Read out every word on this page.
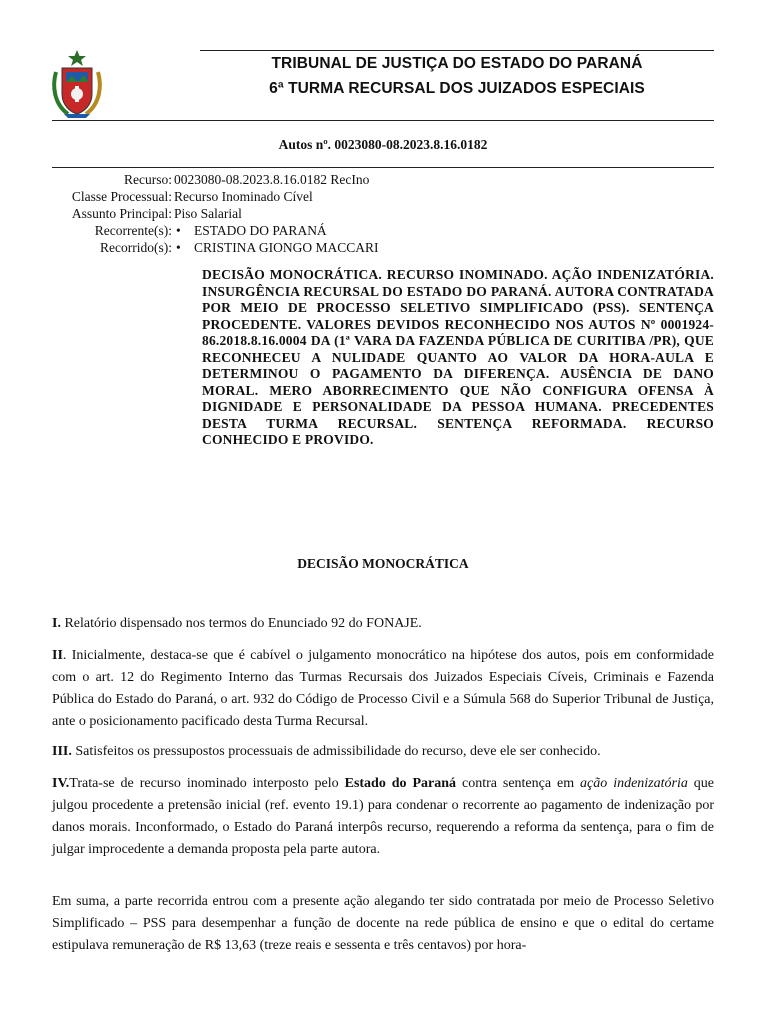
TRIBUNAL DE JUSTIÇA DO ESTADO DO PARANÁ
6ª TURMA RECURSAL DOS JUIZADOS ESPECIAIS
Autos nº. 0023080-08.2023.8.16.0182
Recurso: 0023080-08.2023.8.16.0182 RecIno
Classe Processual: Recurso Inominado Cível
Assunto Principal: Piso Salarial
Recorrente(s): • ESTADO DO PARANÁ
Recorrido(s): • CRISTINA GIONGO MACCARI
DECISÃO MONOCRÁTICA. RECURSO INOMINADO. AÇÃO INDENIZATÓRIA. INSURGÊNCIA RECURSAL DO ESTADO DO PARANÁ. AUTORA CONTRATADA POR MEIO DE PROCESSO SELETIVO SIMPLIFICADO (PSS). SENTENÇA PROCEDENTE. VALORES DEVIDOS RECONHECIDO NOS AUTOS Nº 0001924-86.2018.8.16.0004 DA (1ª VARA DA FAZENDA PÚBLICA DE CURITIBA /PR), QUE RECONHECEU A NULIDADE QUANTO AO VALOR DA HORA-AULA E DETERMINOU O PAGAMENTO DA DIFERENÇA. AUSÊNCIA DE DANO MORAL. MERO ABORRECIMENTO QUE NÃO CONFIGURA OFENSA À DIGNIDADE E PERSONALIDADE DA PESSOA HUMANA. PRECEDENTES DESTA TURMA RECURSAL. SENTENÇA REFORMADA. RECURSO CONHECIDO E PROVIDO.
DECISÃO MONOCRÁTICA
I. Relatório dispensado nos termos do Enunciado 92 do FONAJE.
II. Inicialmente, destaca-se que é cabível o julgamento monocrático na hipótese dos autos, pois em conformidade com o art. 12 do Regimento Interno das Turmas Recursais dos Juizados Especiais Cíveis, Criminais e Fazenda Pública do Estado do Paraná, o art. 932 do Código de Processo Civil e a Súmula 568 do Superior Tribunal de Justiça, ante o posicionamento pacificado desta Turma Recursal.
III. Satisfeitos os pressupostos processuais de admissibilidade do recurso, deve ele ser conhecido.
IV.Trata-se de recurso inominado interposto pelo Estado do Paraná contra sentença em ação indenizatória que julgou procedente a pretensão inicial (ref. evento 19.1) para condenar o recorrente ao pagamento de indenização por danos morais. Inconformado, o Estado do Paraná interpôs recurso, requerendo a reforma da sentença, para o fim de julgar improcedente a demanda proposta pela parte autora.
Em suma, a parte recorrida entrou com a presente ação alegando ter sido contratada por meio de Processo Seletivo Simplificado – PSS para desempenhar a função de docente na rede pública de ensino e que o edital do certame estipulava remuneração de R$ 13,63 (treze reais e sessenta e três centavos) por hora-
